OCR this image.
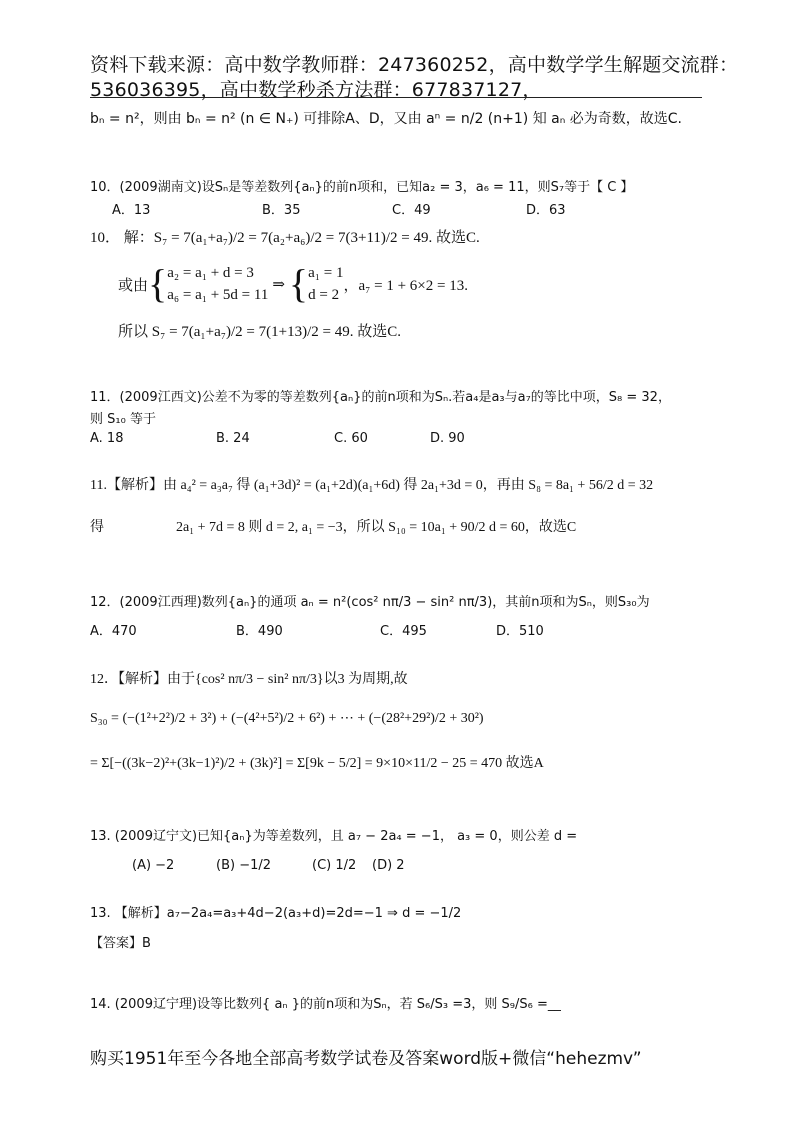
资料下载来源：高中数学教师群：247360252，高中数学学生解题交流群：
536036395，高中数学秒杀方法群：677837127，
bₙ = n²，则由 bₙ = n² (n ∈ N₊) 可排除A、D，又由 aⁿ = n/2 (n+1) 知 aₙ 必为奇数，故选C.
10．(2009湖南文)设Sₙ是等差数列{aₙ}的前n项和，已知a₂ = 3，a₆ = 11，则S₇等于【 C 】
A．13	B．35	C．49	D．63
10． 解：S₇ = 7(a₁+a₇)/2 = 7(a₂+a₆)/2 = 7(3+11)/2 = 49. 故选C.
或由 { a₂ = a₁ + d = 3
a₆ = a₁ + 5d = 11
⇒ { a₁ = 1
d = 2
，a₇ = 1 + 6×2 = 13.
所以 S₇ = 7(a₁+a₇)/2 = 7(1+13)/2 = 49. 故选C.
11．(2009江西文)公差不为零的等差数列{aₙ}的前n项和为Sₙ.若a₄是a₃与a₇的等比中项，S₈ = 32，
则 S₁₀ 等于
A. 18	B. 24	C. 60	D. 90
11.【解析】由 a₄² = a₃a₇ 得 (a₁+3d)² = (a₁+2d)(a₁+6d) 得 2a₁+3d = 0，再由 S₈ = 8a₁ + 56/2 d = 32
得	2a₁ + 7d = 8 则 d = 2, a₁ = −3，所以 S₁₀ = 10a₁ + 90/2 d = 60，故选C
12．(2009江西理)数列{aₙ}的通项 aₙ = n²(cos² nπ/3 − sin² nπ/3)，其前n项和为Sₙ，则S₃₀为
A．470	B．490	C．495	D．510
12．【解析】由于{cos² nπ/3 − sin² nπ/3}以3 为周期,故
S₃₀ = (−(1²+2²)/2 + 3²) + (−(4²+5²)/2 + 6²) + ⋯ + (−(28²+29²)/2 + 30²)
= Σ[−((3k−2)²+(3k−1)²)/2 + (3k)²] = Σ[9k − 5/2] = 9×10×11/2 − 25 = 470 故选A
13. (2009辽宁文)已知{aₙ}为等差数列，且 a₇ − 2a₄ = −1， a₃ = 0，则公差 d =
(A) −2	(B) −1/2	(C) 1/2 (D) 2
13. 【解析】a₇−2a₄=a₃+4d−2(a₃+d)=2d=−1 ⇒ d = −1/2
【答案】B
14. (2009辽宁理)设等比数列{ aₙ }的前n项和为Sₙ，若 S₆/S₃ =3，则 S₉/S₆ =__
购买1951年至今各地全部高考数学试卷及答案word版+微信“hehezmv”
